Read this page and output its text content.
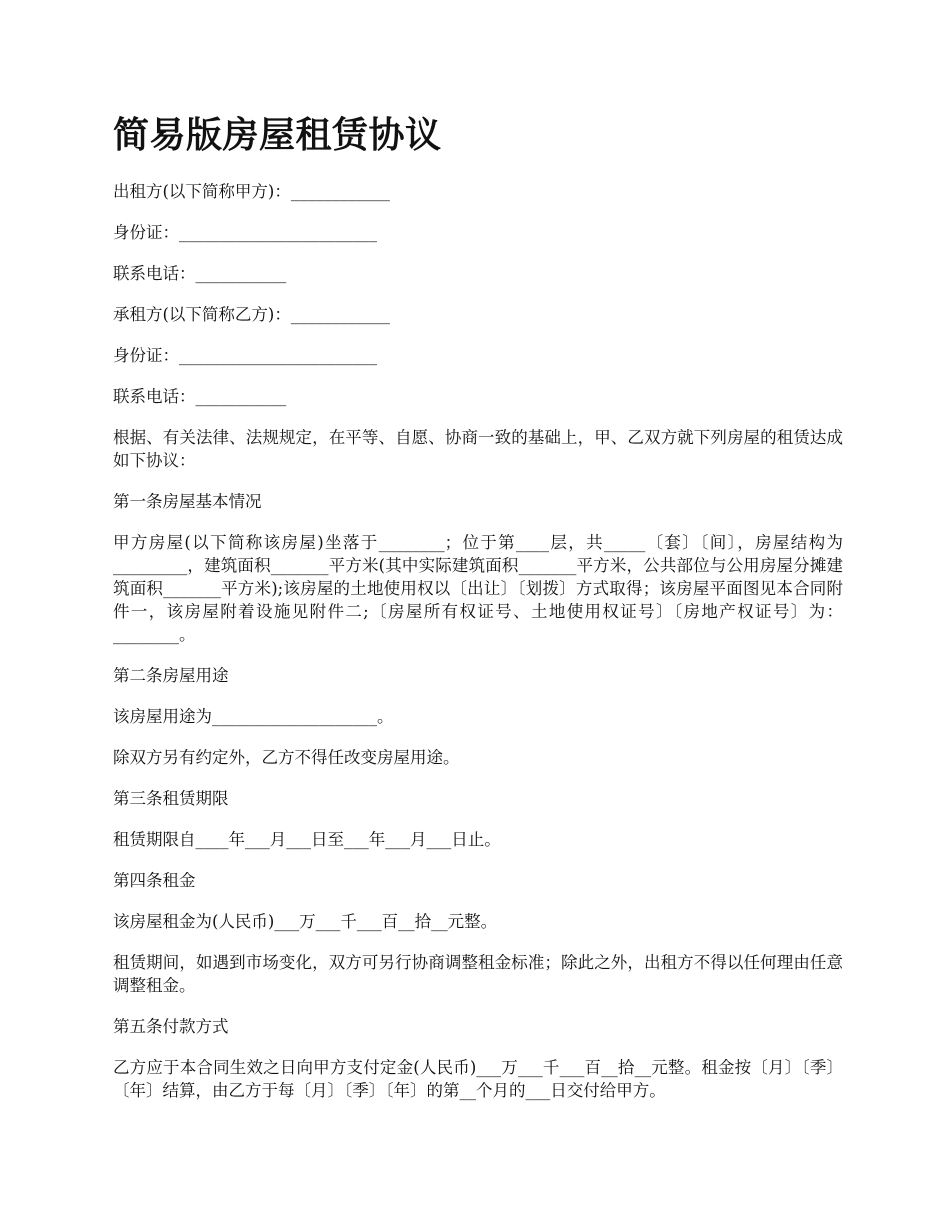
简易版房屋租赁协议

出租方(以下简称甲方)：____________

身份证：________________________

联系电话：___________

承租方(以下简称乙方)：____________

身份证：________________________

联系电话：___________

根据、有关法律、法规规定，在平等、自愿、协商一致的基础上，甲、乙双方就下列房屋的租赁达成如下协议：

第一条房屋基本情况

甲方房屋(以下简称该房屋)坐落于________；位于第____层，共_____〔套〕〔间〕，房屋结构为_________，建筑面积_______平方米(其中实际建筑面积_______平方米，公共部位与公用房屋分摊建筑面积_______平方米);该房屋的土地使用权以〔出让〕〔划拨〕方式取得；该房屋平面图见本合同附件一，该房屋附着设施见附件二;〔房屋所有权证号、土地使用权证号〕〔房地产权证号〕为：________。

第二条房屋用途

该房屋用途为____________________。

除双方另有约定外，乙方不得任改变房屋用途。

第三条租赁期限

租赁期限自____年___月___日至___年___月___日止。

第四条租金

该房屋租金为(人民币)___万___千___百__拾__元整。

租赁期间，如遇到市场变化，双方可另行协商调整租金标准；除此之外，出租方不得以任何理由任意调整租金。

第五条付款方式

乙方应于本合同生效之日向甲方支付定金(人民币)___万___千___百__拾__元整。租金按〔月〕〔季〕〔年〕结算，由乙方于每〔月〕〔季〕〔年〕的第__个月的___日交付给甲方。
